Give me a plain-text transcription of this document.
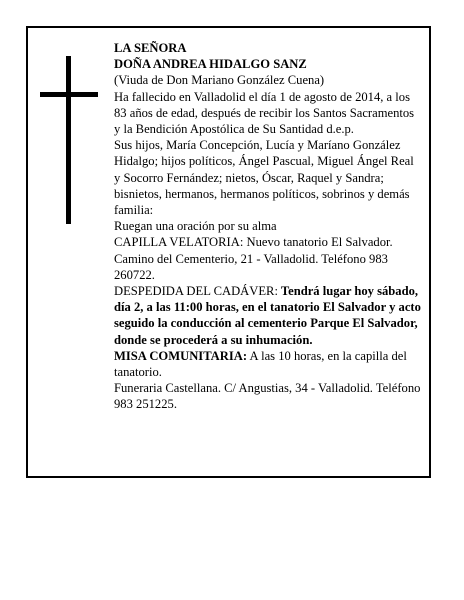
LA SEÑORA

DOÑA ANDREA HIDALGO SANZ

(Viuda de Don Mariano González Cuena)

Ha fallecido en Valladolid el día 1 de agosto de 2014, a los 83 años de edad, después de recibir los Santos Sacramentos y la Bendición Apostólica de Su Santidad d.e.p.

Sus hijos, María Concepción, Lucía y Maríano González Hidalgo; hijos políticos, Ángel Pascual, Miguel Ángel Real y Socorro Fernández; nietos, Óscar, Raquel y Sandra; bisnietos, hermanos, hermanos políticos, sobrinos y demás familia:

Ruegan una oración por su alma

CAPILLA VELATORIA: Nuevo tanatorio El Salvador. Camino del Cementerio, 21 - Valladolid. Teléfono 983 260722.

DESPEDIDA DEL CADÁVER: Tendrá lugar hoy sábado, día 2, a las 11:00 horas, en el tanatorio El Salvador y acto seguido la conducción al cementerio Parque El Salvador, donde se procederá a su inhumación.

MISA COMUNITARIA: A las 10 horas, en la capilla del tanatorio.

Funeraria Castellana. C/ Angustias, 34 - Valladolid. Teléfono 983 251225.
